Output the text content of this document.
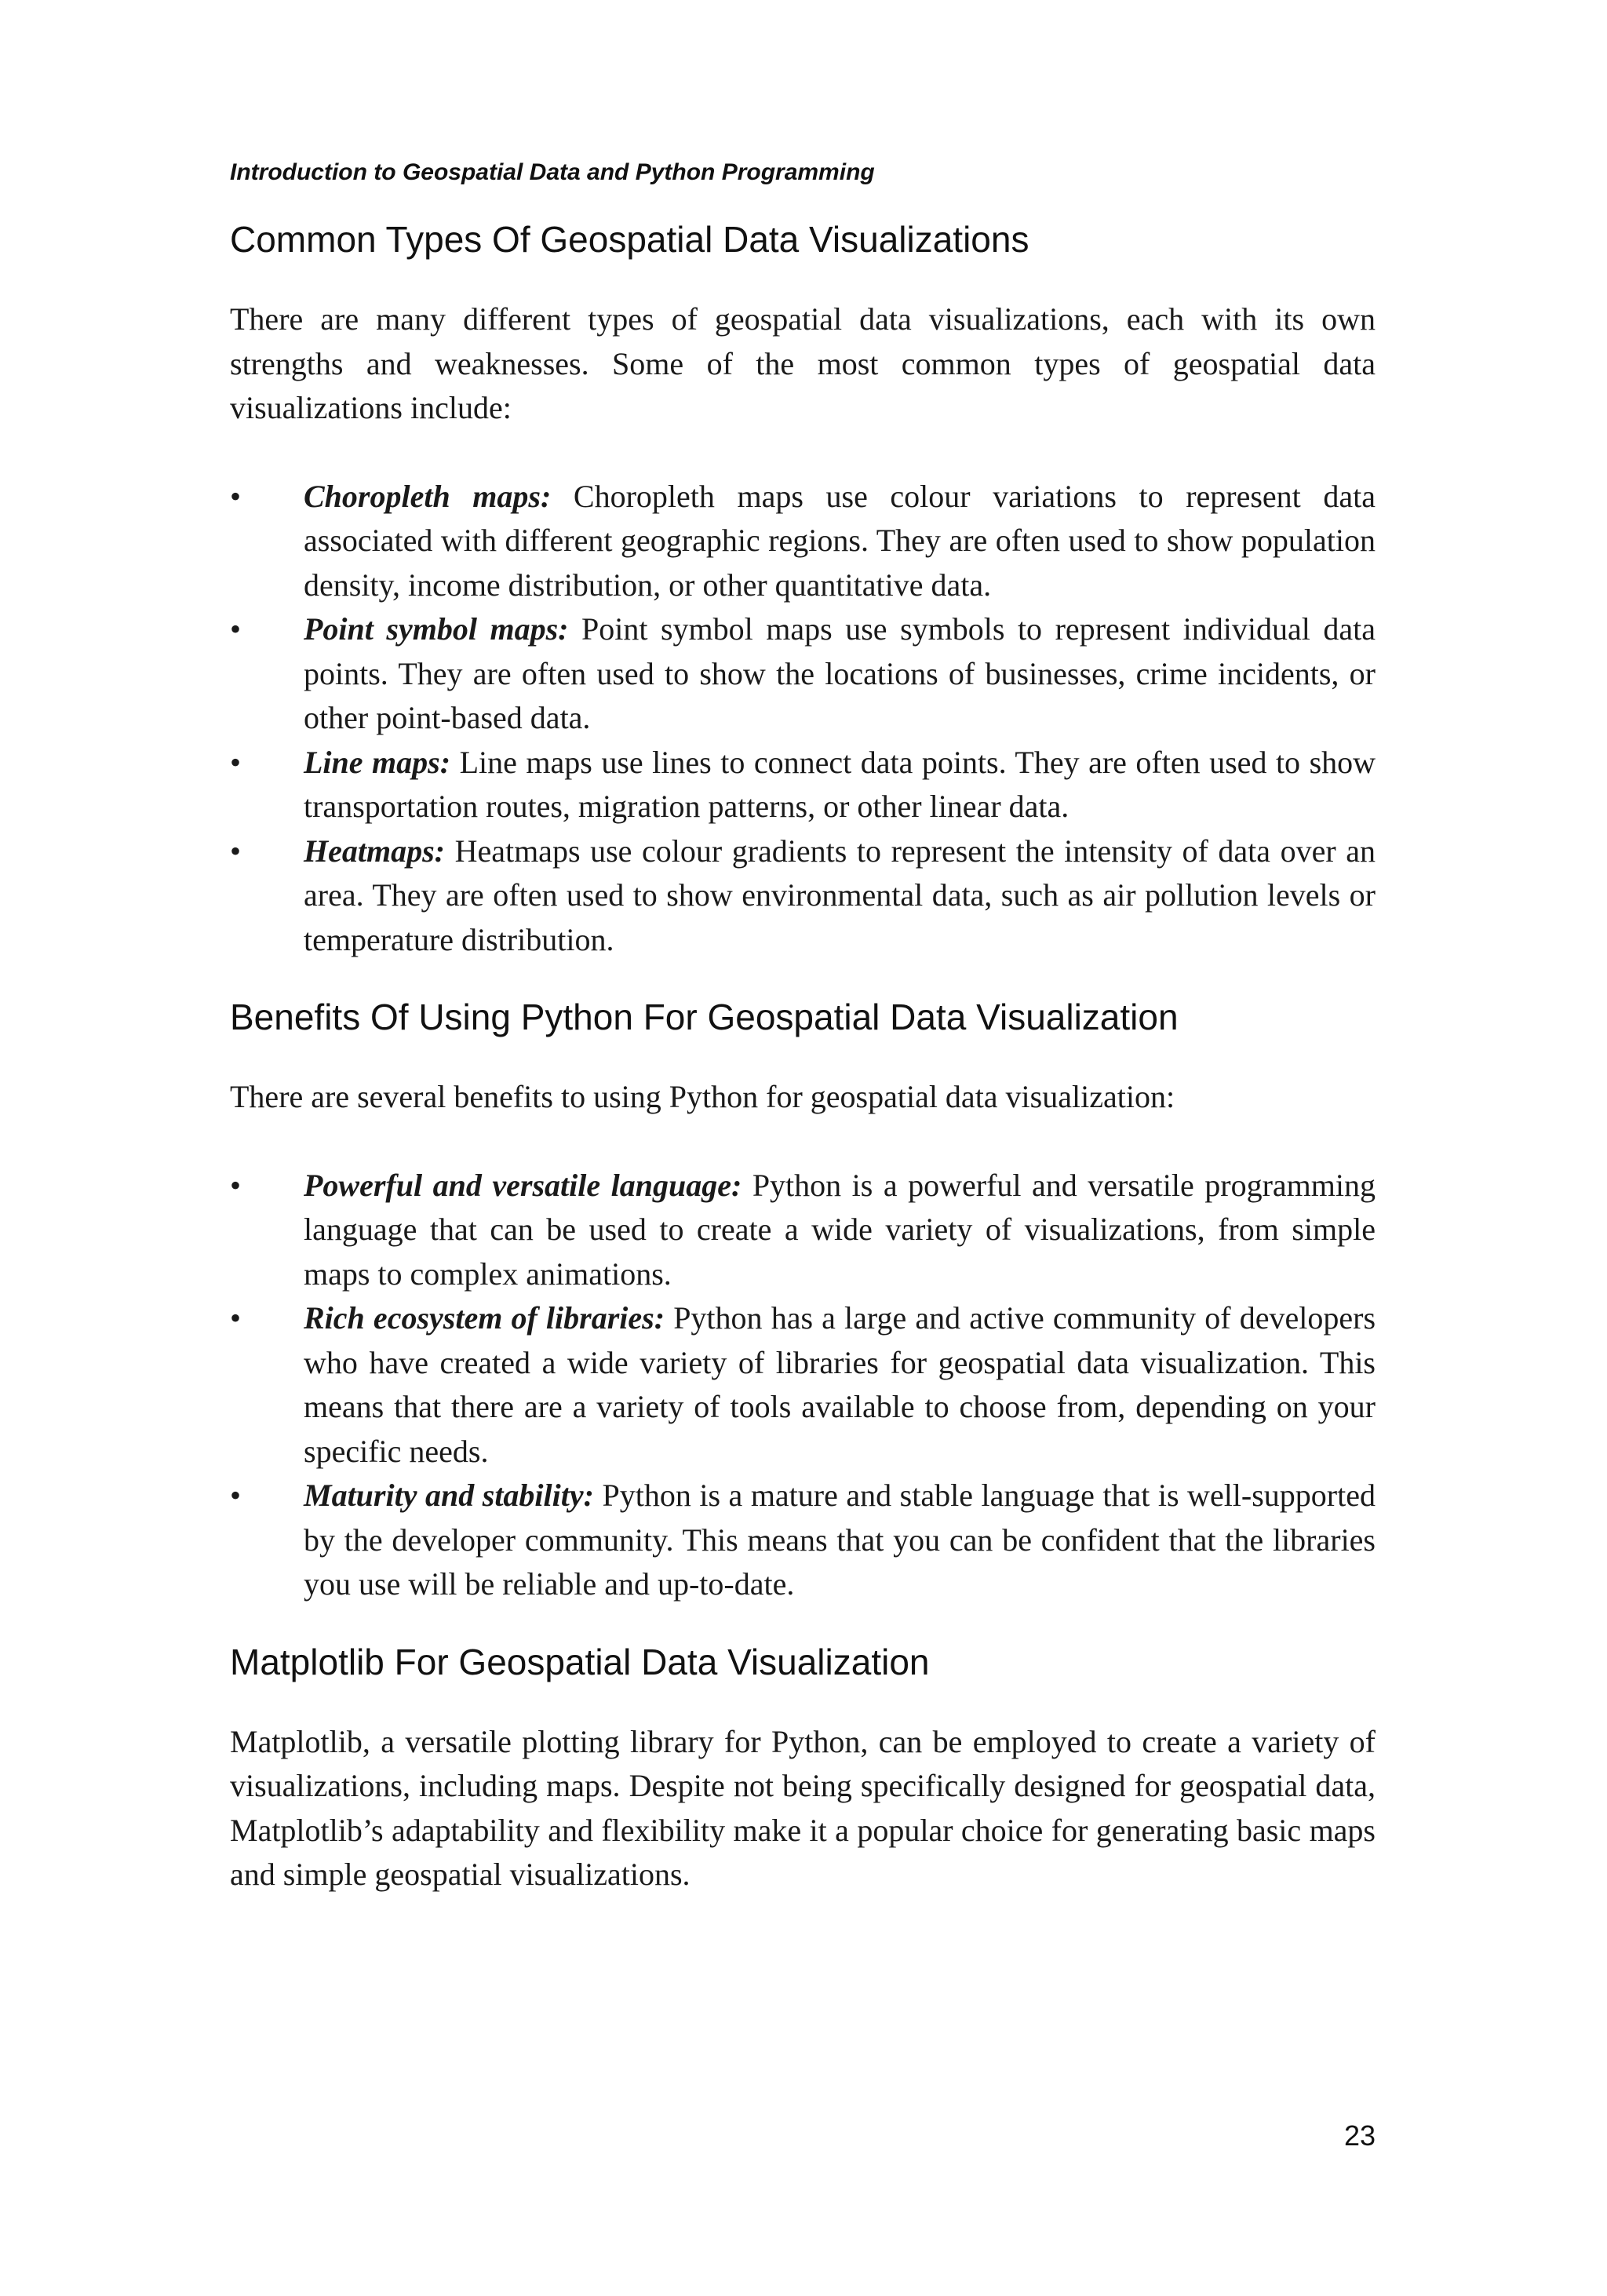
Introduction to Geospatial Data and Python Programming

Common Types Of Geospatial Data Visualizations

There are many different types of geospatial data visualizations, each with its own strengths and weaknesses. Some of the most common types of geospatial data visualizations include:

• Choropleth maps: Choropleth maps use colour variations to represent data associated with different geographic regions. They are often used to show population density, income distribution, or other quantitative data.
• Point symbol maps: Point symbol maps use symbols to represent individual data points. They are often used to show the locations of businesses, crime incidents, or other point-based data.
• Line maps: Line maps use lines to connect data points. They are often used to show transportation routes, migration patterns, or other linear data.
• Heatmaps: Heatmaps use colour gradients to represent the intensity of data over an area. They are often used to show environmental data, such as air pollution levels or temperature distribution.
Benefits Of Using Python For Geospatial Data Visualization

There are several benefits to using Python for geospatial data visualization:

• Powerful and versatile language: Python is a powerful and versatile programming language that can be used to create a wide variety of visualizations, from simple maps to complex animations.
• Rich ecosystem of libraries: Python has a large and active community of developers who have created a wide variety of libraries for geospatial data visualization. This means that there are a variety of tools available to choose from, depending on your specific needs.
• Maturity and stability: Python is a mature and stable language that is well-supported by the developer community. This means that you can be confident that the libraries you use will be reliable and up-to-date.
Matplotlib For Geospatial Data Visualization

Matplotlib, a versatile plotting library for Python, can be employed to create a variety of visualizations, including maps. Despite not being specifically designed for geospatial data, Matplotlib’s adaptability and flexibility make it a popular choice for generating basic maps and simple geospatial visualizations.

23
